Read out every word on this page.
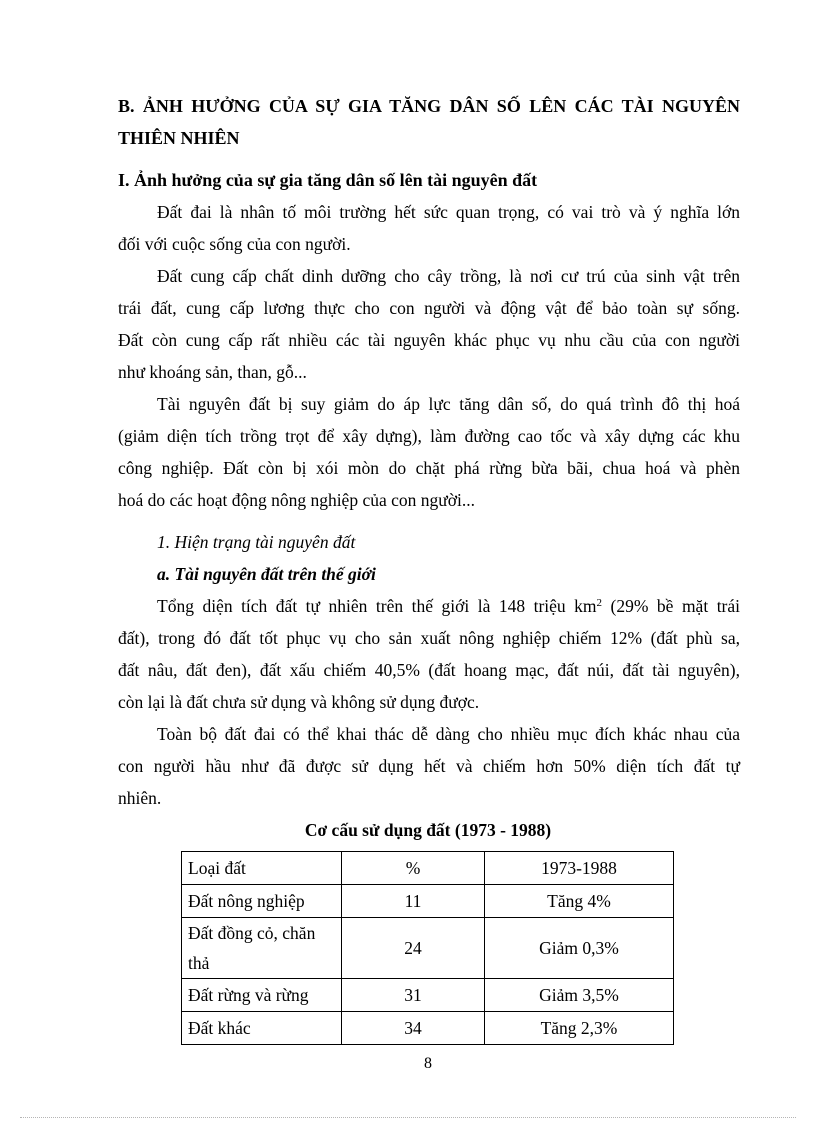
B. ẢNH HƯỞNG CỦA SỰ GIA TĂNG DÂN SỐ LÊN CÁC TÀI NGUYÊN
THIÊN NHIÊN
I. Ảnh hưởng của sự gia tăng dân số lên tài nguyên đất
Đất đai là nhân tố môi trường hết sức quan trọng, có vai trò và ý nghĩa lớn
đối với cuộc sống của con người.
Đất cung cấp chất dinh dưỡng cho cây trồng, là nơi cư trú của sinh vật trên
trái đất, cung cấp lương thực cho con người và động vật để bảo toàn sự sống.
Đất còn cung cấp rất nhiều các tài nguyên khác phục vụ nhu cầu của con người
như khoáng sản, than, gỗ...
Tài nguyên đất bị suy giảm do áp lực tăng dân số, do quá trình đô thị hoá
(giảm diện tích trồng trọt để xây dựng), làm đường cao tốc và xây dựng các khu
công nghiệp. Đất còn bị xói mòn do chặt phá rừng bừa bãi, chua hoá và phèn
hoá do các hoạt động nông nghiệp của con người...
1. Hiện trạng tài nguyên đất
a. Tài nguyên đất trên thế giới
Tổng diện tích đất tự nhiên trên thế giới là 148 triệu $km^2$ (29% bề mặt trái
đất), trong đó đất tốt phục vụ cho sản xuất nông nghiệp chiếm 12% (đất phù sa,
đất nâu, đất đen), đất xấu chiếm 40,5% (đất hoang mạc, đất núi, đất tài nguyên),
còn lại là đất chưa sử dụng và không sử dụng được.
Toàn bộ đất đai có thể khai thác dễ dàng cho nhiều mục đích khác nhau của
con người hầu như đã được sử dụng hết và chiếm hơn 50% diện tích đất tự
nhiên.
Cơ cấu sử dụng đất (1973 - 1988)
Loại đất	%	1973-1988
Đất nông nghiệp	11	Tăng 4%
Đất đồng cỏ, chăn thả	24	Giảm 0,3%
Đất rừng và rừng	31	Giảm 3,5%
Đất khác	34	Tăng 2,3%
8
